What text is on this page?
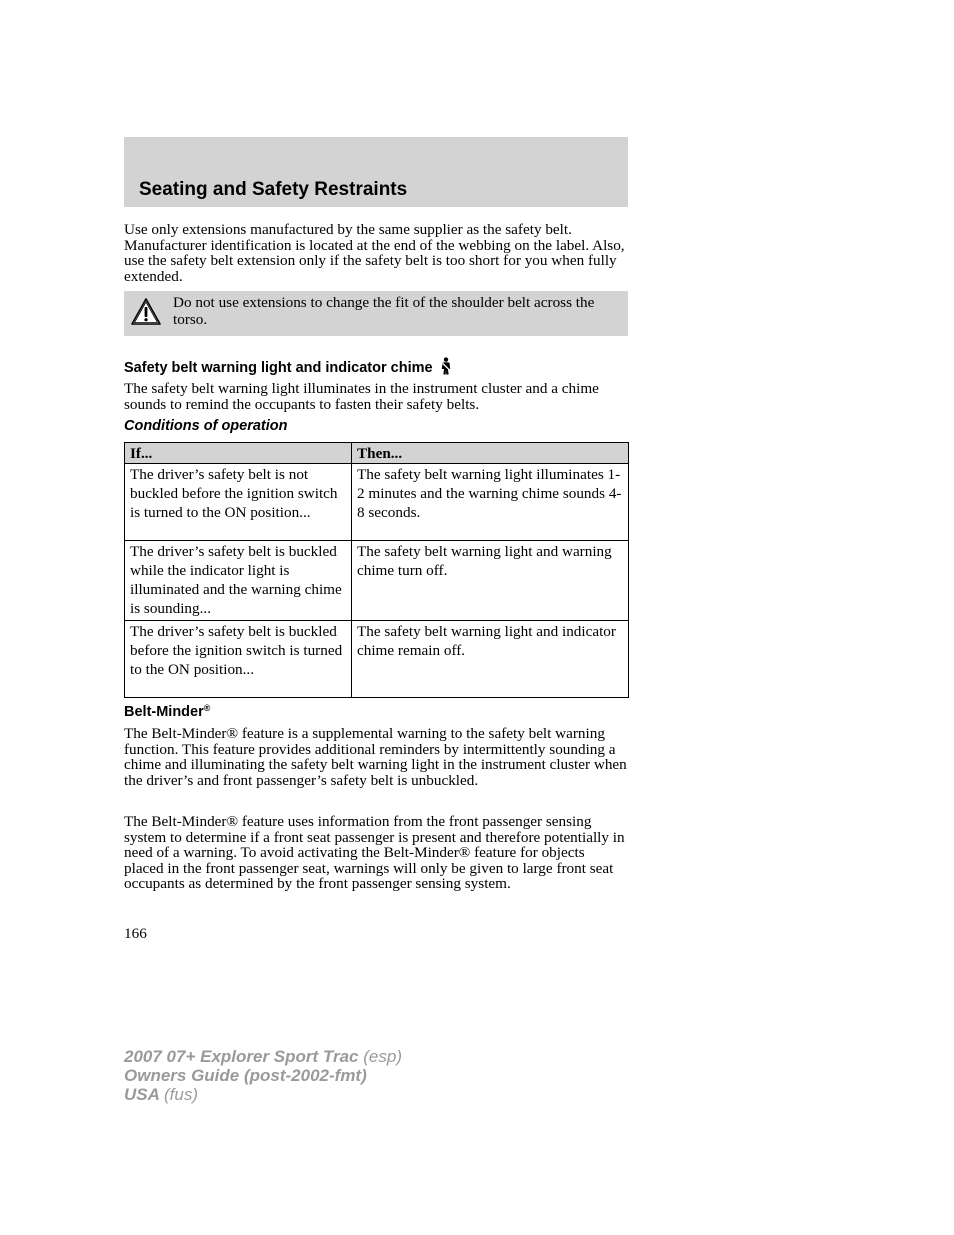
Seating and Safety Restraints

Use only extensions manufactured by the same supplier as the safety belt. Manufacturer identification is located at the end of the webbing on the label. Also, use the safety belt extension only if the safety belt is too short for you when fully extended.

Do not use extensions to change the fit of the shoulder belt across the torso.

Safety belt warning light and indicator chime

The safety belt warning light illuminates in the instrument cluster and a chime sounds to remind the occupants to fasten their safety belts.

Conditions of operation
If...	Then...
The driver’s safety belt is not buckled before the ignition switch is turned to the ON position...	The safety belt warning light illuminates 1-2 minutes and the warning chime sounds 4-8 seconds.
The driver’s safety belt is buckled while the indicator light is illuminated and the warning chime is sounding...	The safety belt warning light and warning chime turn off.
The driver’s safety belt is buckled before the ignition switch is turned to the ON position...	The safety belt warning light and indicator chime remain off.
Belt-Minder®

The Belt-Minder® feature is a supplemental warning to the safety belt warning function. This feature provides additional reminders by intermittently sounding a chime and illuminating the safety belt warning light in the instrument cluster when the driver’s and front passenger’s safety belt is unbuckled.

The Belt-Minder® feature uses information from the front passenger sensing system to determine if a front seat passenger is present and therefore potentially in need of a warning. To avoid activating the Belt-Minder® feature for objects placed in the front passenger seat, warnings will only be given to large front seat occupants as determined by the front passenger sensing system.

166

2007 07+ Explorer Sport Trac (esp)
Owners Guide (post-2002-fmt)
USA (fus)
